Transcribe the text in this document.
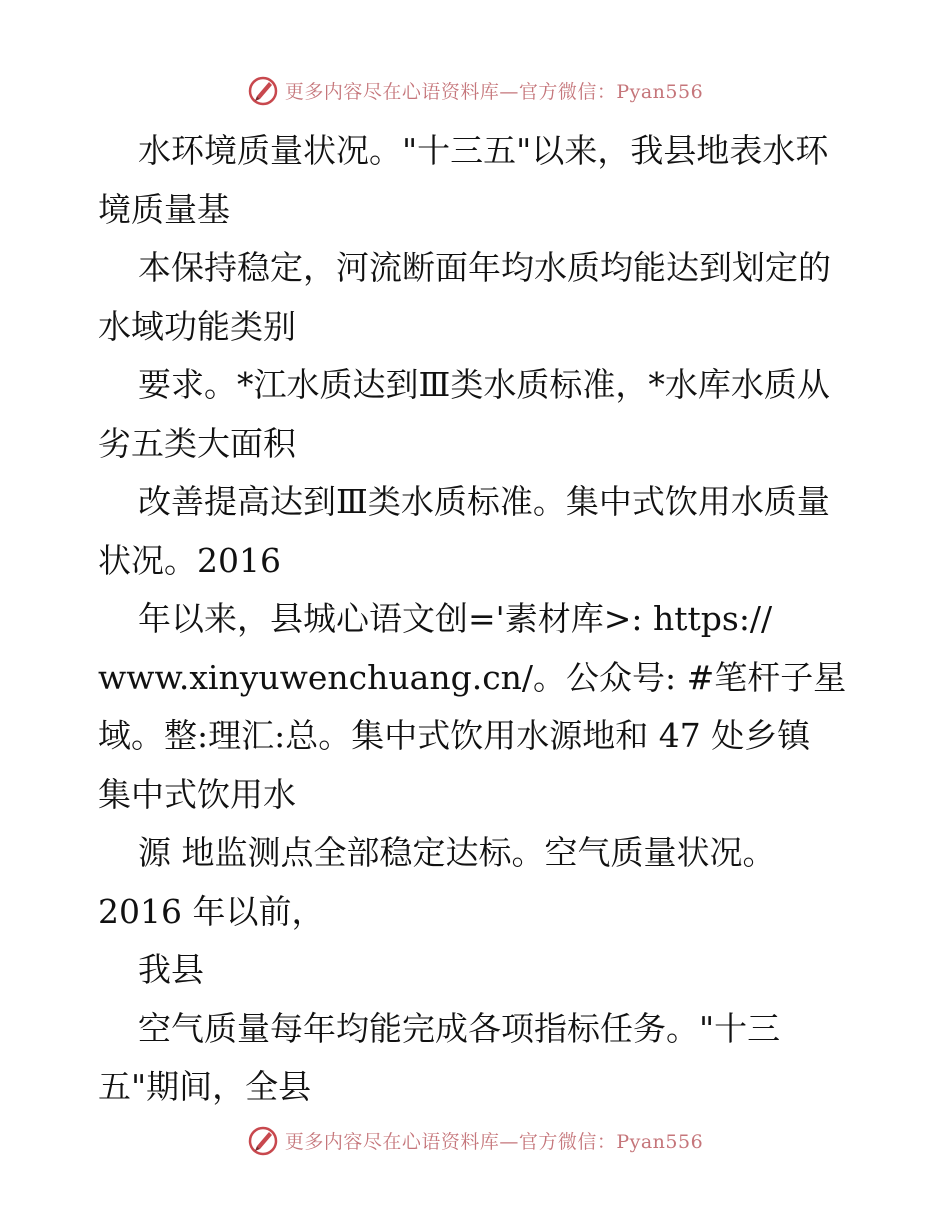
更多内容尽在心语资料库—官方微信：Pyan556
水环境质量状况。"十三五"以来，我县地表水环
境质量基
本保持稳定，河流断面年均水质均能达到划定的
水域功能类别
要求。*江水质达到Ⅲ类水质标准，*水库水质从
劣五类大面积
改善提高达到Ⅲ类水质标准。集中式饮用水质量
状况。2016
年以来，县城心语文创='素材库>: https://
www.xinyuwenchuang.cn/。公众号: #笔杆子星
域。整:理汇:总。集中式饮用水源地和 47 处乡镇
集中式饮用水
源 地监测点全部稳定达标。空气质量状况。
2016 年以前，
我县
空气质量每年均能完成各项指标任务。"十三
五"期间，全县
更多内容尽在心语资料库—官方微信：Pyan556
